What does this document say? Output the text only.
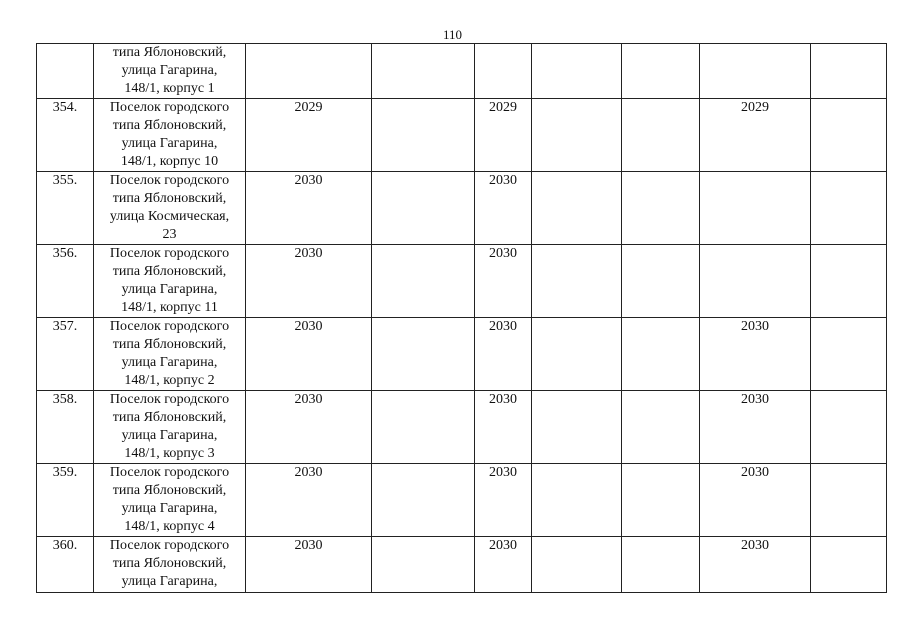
110
	типа Яблоновский,
улица Гагарина,
148/1, корпус 1	

354.	Поселок городского
типа Яблоновский,
улица Гагарина,
148/1, корпус 10	2029		2029			2029	

355.	Поселок городского
типа Яблоновский,
улица Космическая,
23	2030		2030				

356.	Поселок городского
типа Яблоновский,
улица Гагарина,
148/1, корпус 11	2030		2030				

357.	Поселок городского
типа Яблоновский,
улица Гагарина,
148/1, корпус 2	2030		2030			2030	

358.	Поселок городского
типа Яблоновский,
улица Гагарина,
148/1, корпус 3	2030		2030			2030	

359.	Поселок городского
типа Яблоновский,
улица Гагарина,
148/1, корпус 4	2030		2030			2030	

360.	Поселок городского
типа Яблоновский,
улица Гагарина,	2030		2030			2030	
